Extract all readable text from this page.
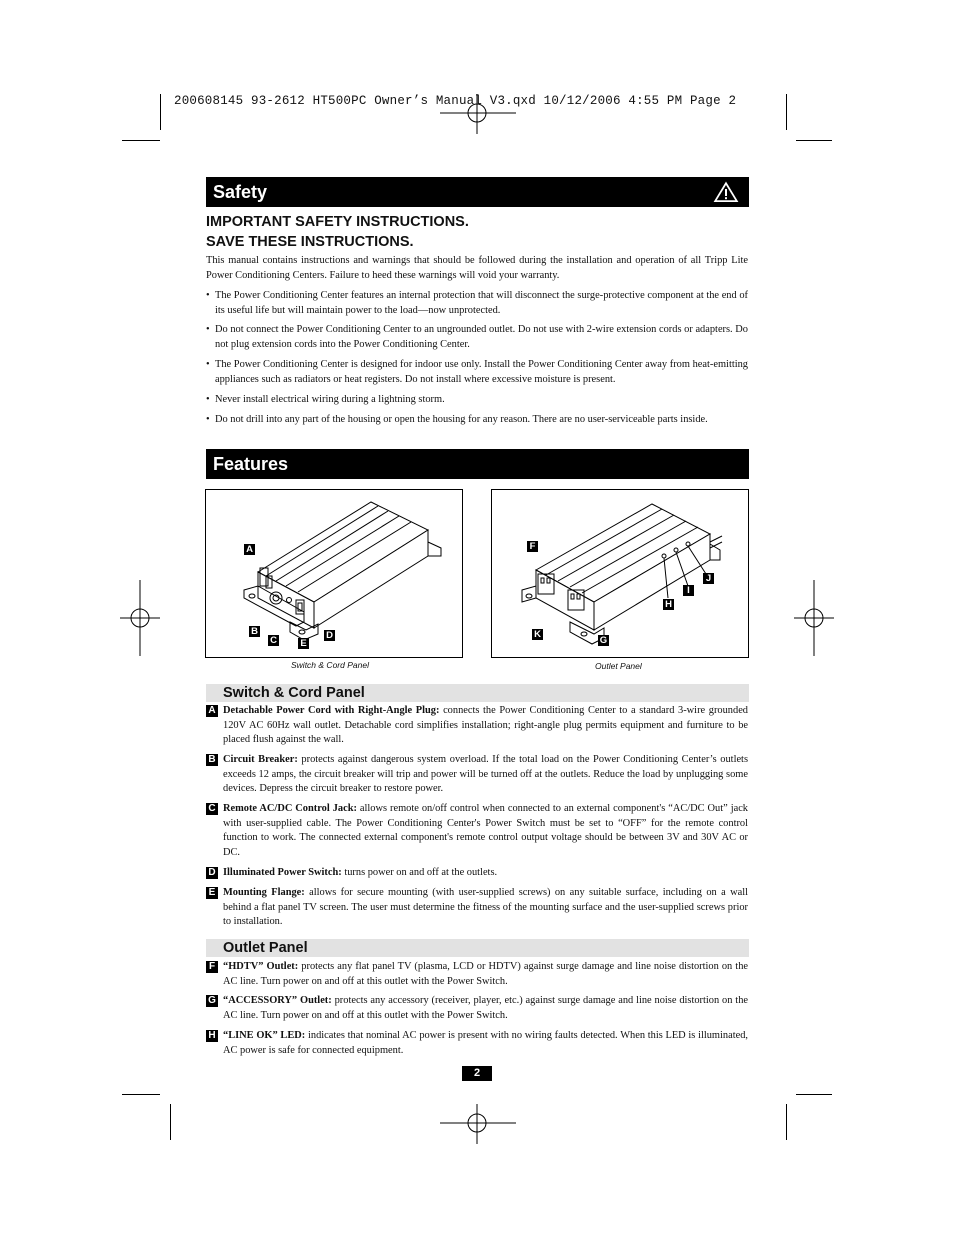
200608145 93-2612 HT500PC Owner’s Manual V3.qxd 10/12/2006 4:55 PM Page 2
Safety
IMPORTANT SAFETY INSTRUCTIONS.
SAVE THESE INSTRUCTIONS.
This manual contains instructions and warnings that should be followed during the installation and operation of all Tripp Lite Power Conditioning Centers. Failure to heed these warnings will void your warranty.
• The Power Conditioning Center features an internal protection that will disconnect the surge-protective component at the end of its useful life but will maintain power to the load—now unprotected.
• Do not connect the Power Conditioning Center to an ungrounded outlet. Do not use with 2-wire extension cords or adapters. Do not plug extension cords into the Power Conditioning Center.
• The Power Conditioning Center is designed for indoor use only. Install the Power Conditioning Center away from heat-emitting appliances such as radiators or heat registers. Do not install where excessive moisture is present.
• Never install electrical wiring during a lightning storm.
• Do not drill into any part of the housing or open the housing for any reason. There are no user-serviceable parts inside.
Features
A
B
C E
D
Switch & Cord Panel
F
J
I
H
K
G
Outlet Panel
Switch & Cord Panel
A Detachable Power Cord with Right-Angle Plug: connects the Power Conditioning Center to a standard 3-wire grounded 120V AC 60Hz wall outlet. Detachable cord simplifies installation; right-angle plug permits equipment and furniture to be placed flush against the wall.
B Circuit Breaker: protects against dangerous system overload. If the total load on the Power Conditioning Center’s outlets exceeds 12 amps, the circuit breaker will trip and power will be turned off at the outlets. Reduce the load by unplugging some devices. Depress the circuit breaker to restore power.
C Remote AC/DC Control Jack: allows remote on/off control when connected to an external component's “AC/DC Out” jack with user-supplied cable. The Power Conditioning Center's Power Switch must be set to “OFF” for the remote control function to work. The connected external component's remote control output voltage should be between 3V and 30V AC or DC.
D Illuminated Power Switch: turns power on and off at the outlets.
E Mounting Flange: allows for secure mounting (with user-supplied screws) on any suitable surface, including on a wall behind a flat panel TV screen. The user must determine the fitness of the mounting surface and the user-supplied screws prior to installation.
Outlet Panel
F “HDTV” Outlet: protects any flat panel TV (plasma, LCD or HDTV) against surge damage and line noise distortion on the AC line. Turn power on and off at this outlet with the Power Switch.
G “ACCESSORY” Outlet: protects any accessory (receiver, player, etc.) against surge damage and line noise distortion on the AC line. Turn power on and off at this outlet with the Power Switch.
H “LINE OK” LED: indicates that nominal AC power is present with no wiring faults detected. When this LED is illuminated, AC power is safe for connected equipment.
2
